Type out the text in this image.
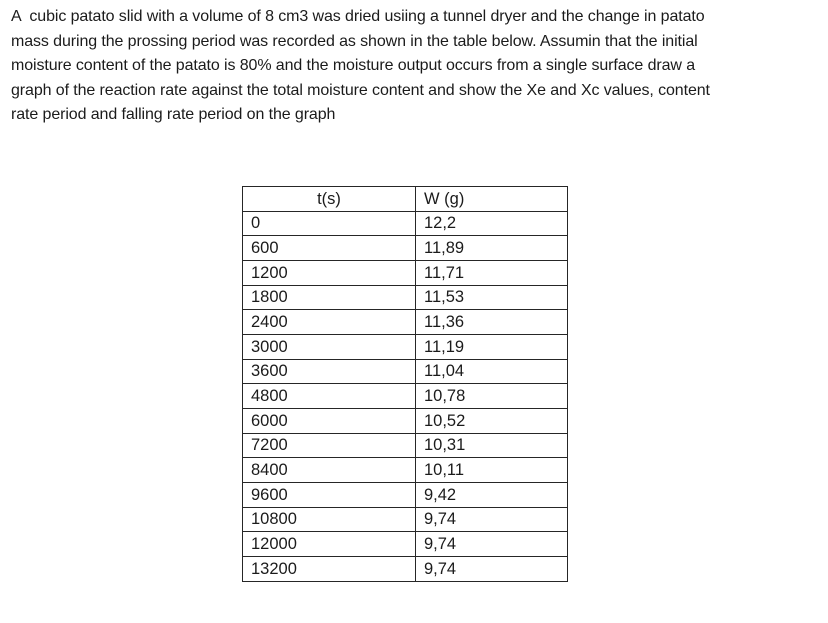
A  cubic patato slid with a volume of 8 cm3 was dried usiing a tunnel dryer and the change in patato
mass during the prossing period was recorded as shown in the table below. Assumin that the initial
moisture content of the patato is 80% and the moisture output occurs from a single surface draw a
graph of the reaction rate against the total moisture content and show the Xe and Xc values, content
rate period and falling rate period on the graph
t(s)	W (g)
0	12,2
600	11,89
1200	11,71
1800	11,53
2400	11,36
3000	11,19
3600	11,04
4800	10,78
6000	10,52
7200	10,31
8400	10,11
9600	9,42
10800	9,74
12000	9,74
13200	9,74
